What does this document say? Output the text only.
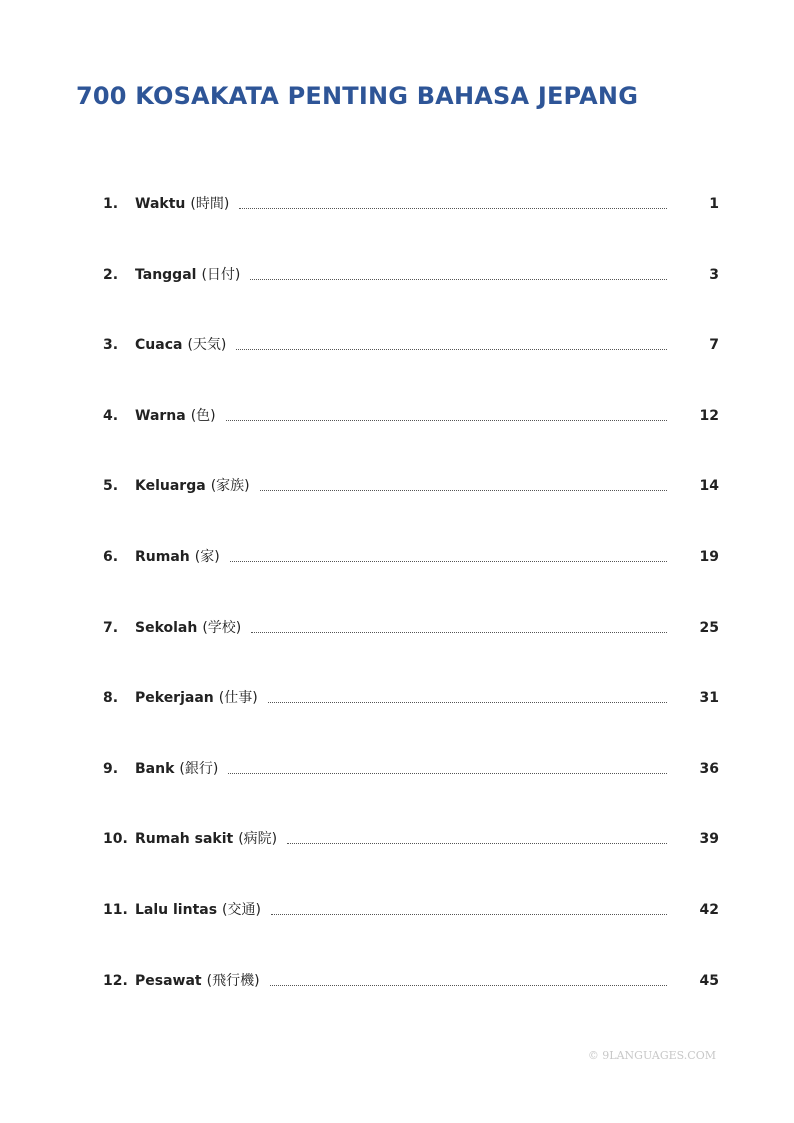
700 KOSAKATA PENTING BAHASA JEPANG
1.	Waktu (時間)	1
2.	Tanggal (日付)	3
3.	Cuaca (天気)	7
4.	Warna (色)	12
5.	Keluarga (家族)	14
6.	Rumah (家)	19
7.	Sekolah (学校)	25
8.	Pekerjaan (仕事)	31
9.	Bank (銀行)	36
10. Rumah sakit (病院)	39
11. Lalu lintas (交通)	42
12. Pesawat (飛行機)	45
© 9LANGUAGES.COM
